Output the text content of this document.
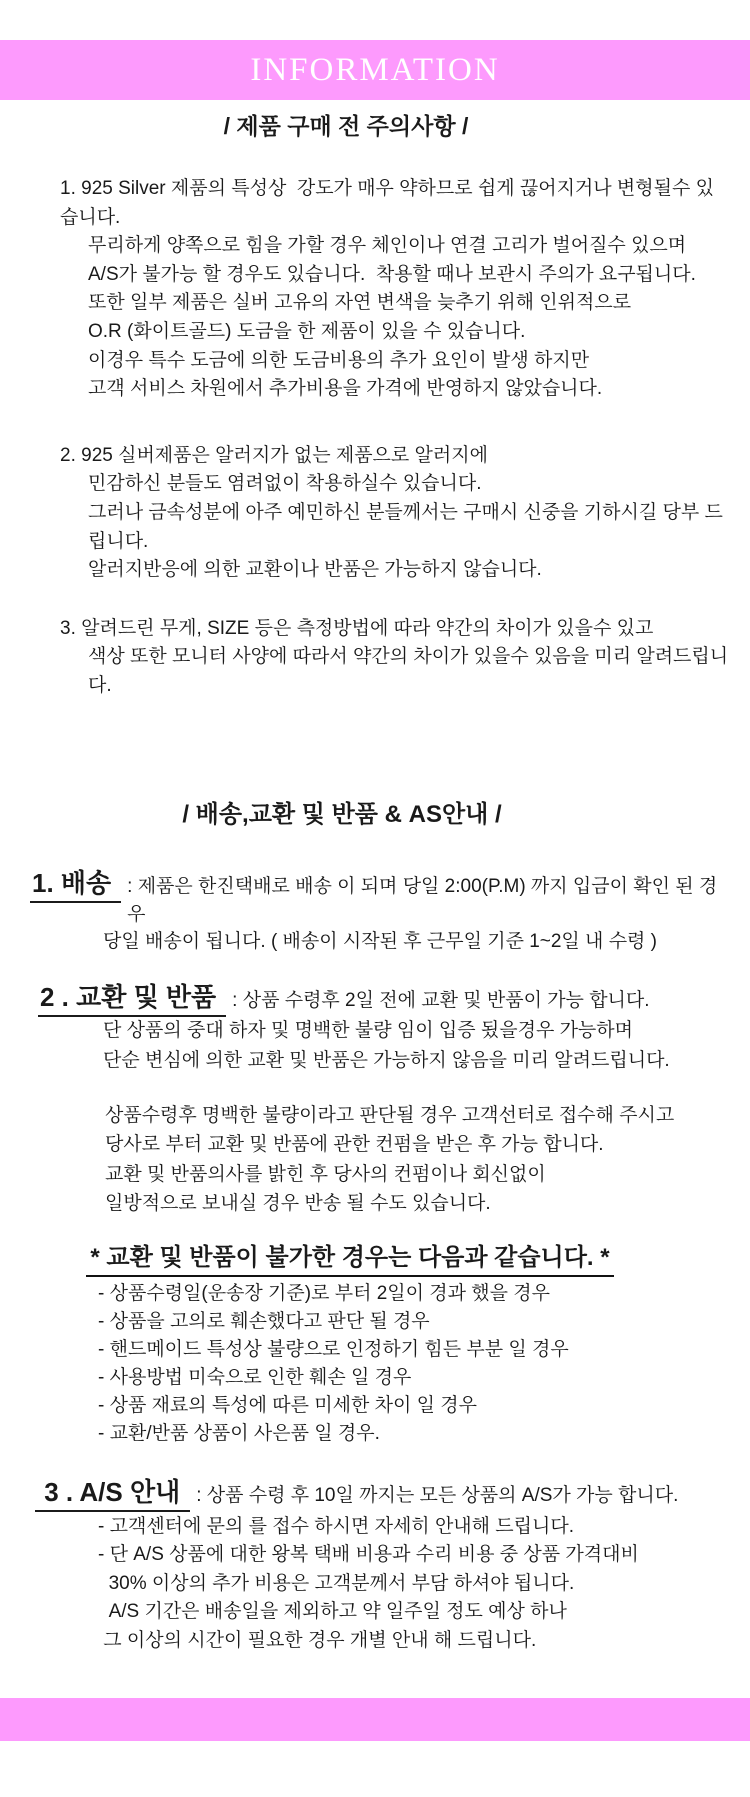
INFORMATION
/ 제품 구매 전 주의사항 /
1. 925 Silver 제품의 특성상  강도가 매우 약하므로 쉽게 끊어지거나 변형될수 있습니다.
무리하게 양쪽으로 힘을 가할 경우 체인이나 연결 고리가 벌어질수 있으며
A/S가 불가능 할 경우도 있습니다.  착용할 때나 보관시 주의가 요구됩니다.
또한 일부 제품은 실버 고유의 자연 변색을 늦추기 위해 인위적으로
O.R (화이트골드) 도금을 한 제품이 있을 수 있습니다.
이경우 특수 도금에 의한 도금비용의 추가 요인이 발생 하지만
고객 서비스 차원에서 추가비용을 가격에 반영하지 않았습니다.
2. 925 실버제품은 알러지가 없는 제품으로 알러지에
민감하신 분들도 염려없이 착용하실수 있습니다.
그러나 금속성분에 아주 예민하신 분들께서는 구매시 신중을 기하시길 당부 드립니다.
알러지반응에 의한 교환이나 반품은 가능하지 않습니다.
3. 알려드린 무게, SIZE 등은 측정방법에 따라 약간의 차이가 있을수 있고
색상 또한 모니터 사양에 따라서 약간의 차이가 있을수 있음을 미리 알려드립니다.
/ 배송,교환 및 반품 & AS안내 /
1. 배송 : 제품은 한진택배로 배송 이 되며 당일 2:00(P.M) 까지 입금이 확인 된 경우
당일 배송이 됩니다. ( 배송이 시작된 후 근무일 기준 1~2일 내 수령 )
2 . 교환 및 반품 : 상품 수령후 2일 전에 교환 및 반품이 가능 합니다.
단 상품의 중대 하자 및 명백한 불량 임이 입증 됬을경우 가능하며
단순 변심에 의한 교환 및 반품은 가능하지 않음을 미리 알려드립니다.
상품수령후 명백한 불량이라고 판단될 경우 고객선터로 접수해 주시고
당사로 부터 교환 및 반품에 관한 컨펌을 받은 후 가능 합니다.
교환 및 반품의사를 밝힌 후 당사의 컨펌이나 회신없이
일방적으로 보내실 경우 반송 될 수도 있습니다.
* 교환 및 반품이 불가한 경우는 다음과 같습니다. *
- 상품수령일(운송장 기준)로 부터 2일이 경과 했을 경우
- 상품을 고의로 훼손했다고 판단 될 경우
- 핸드메이드 특성상 불량으로 인정하기 힘든 부분 일 경우
- 사용방법 미숙으로 인한 훼손 일 경우
- 상품 재료의 특성에 따른 미세한 차이 일 경우
- 교환/반품 상품이 사은품 일 경우.
3 . A/S 안내 : 상품 수령 후 10일 까지는 모든 상품의 A/S가 가능 합니다.
- 고객센터에 문의 를 접수 하시면 자세히 안내해 드립니다.
- 단 A/S 상품에 대한 왕복 택배 비용과 수리 비용 중 상품 가격대비
30% 이상의 추가 비용은 고객분께서 부담 하셔야 됩니다.
A/S 기간은 배송일을 제외하고 약 일주일 정도 예상 하나
그 이상의 시간이 필요한 경우 개별 안내 해 드립니다.
